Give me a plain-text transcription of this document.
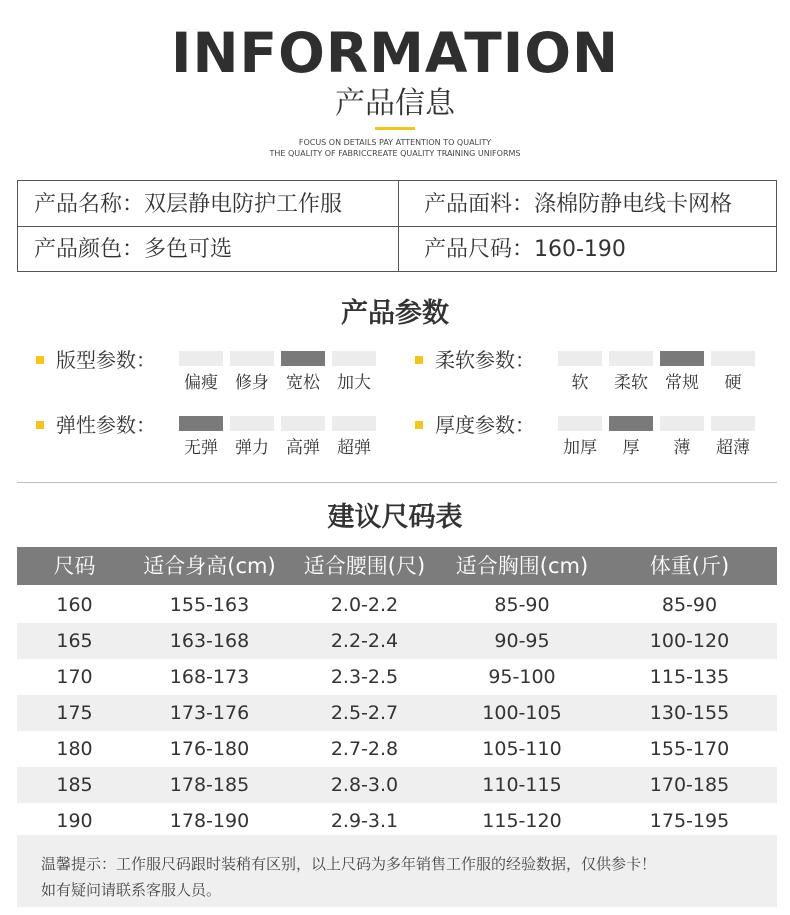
INFORMATION
产品信息
FOCUS ON DETAILS PAY ATTENTION TO QUALITY
THE QUALITY OF FABRICCREATE QUALITY TRAINING UNIFORMS
产品名称：双层静电防护工作服	产品面料：涤棉防静电线卡网格
产品颜色：多色可选	产品尺码：160-190
产品参数
版型参数：
偏瘦	修身	宽松	加大
柔软参数：
软	柔软	常规	硬
弹性参数：
无弹	弹力	高弹	超弹
厚度参数：
加厚	厚	薄	超薄
建议尺码表
尺码	适合身高(cm)	适合腰围(尺)	适合胸围(cm)	体重(斤)
160	155-163	2.0-2.2	85-90	85-90
165	163-168	2.2-2.4	90-95	100-120
170	168-173	2.3-2.5	95-100	115-135
175	173-176	2.5-2.7	100-105	130-155
180	176-180	2.7-2.8	105-110	155-170
185	178-185	2.8-3.0	110-115	170-185
190	178-190	2.9-3.1	115-120	175-195
温馨提示：工作服尺码跟时装稍有区别，以上尺码为多年销售工作服的经验数据，仅供参卡！
如有疑问请联系客服人员。
